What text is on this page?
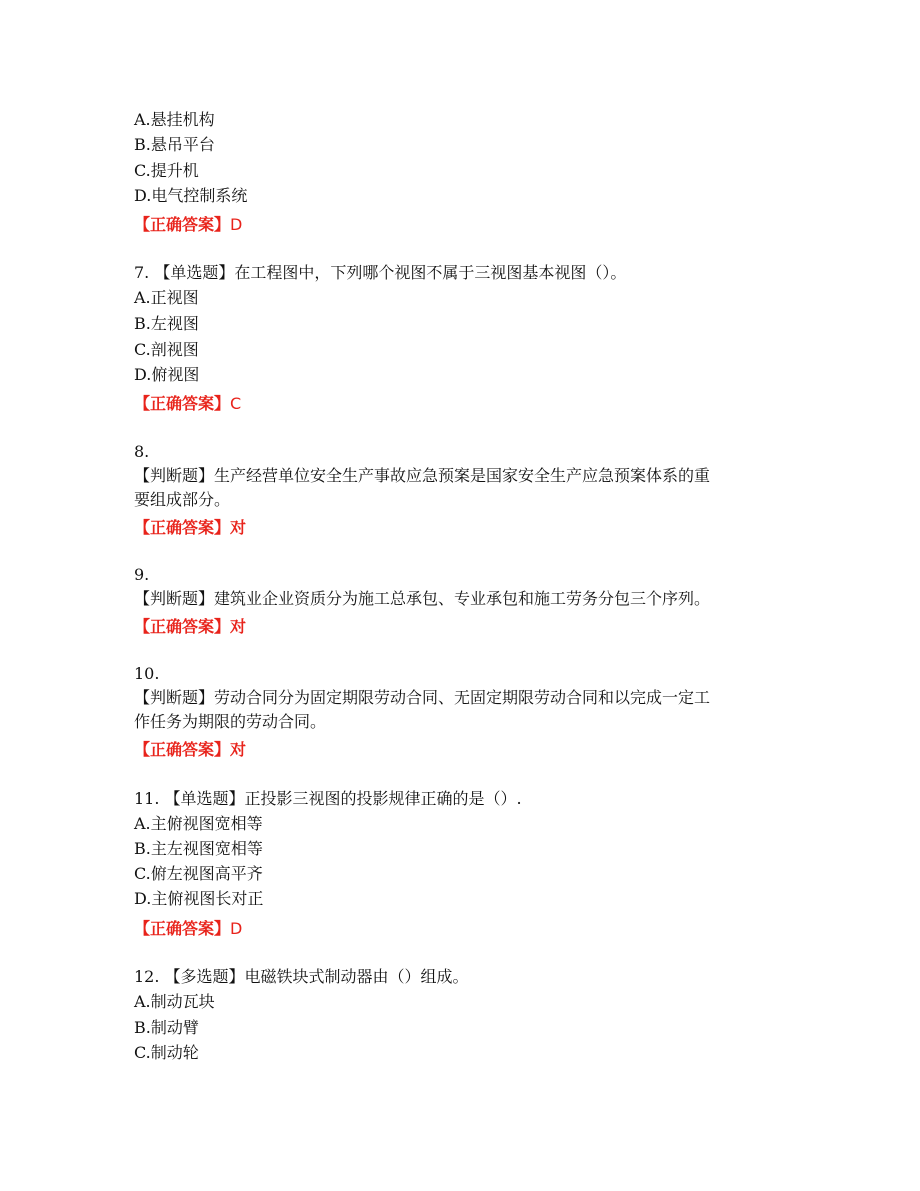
A.悬挂机构
B.悬吊平台
C.提升机
D.电气控制系统
【正确答案】D
7. 【单选题】在工程图中，下列哪个视图不属于三视图基本视图（）。
A.正视图
B.左视图
C.剖视图
D.俯视图
【正确答案】C
8.
【判断题】生产经营单位安全生产事故应急预案是国家安全生产应急预案体系的重
要组成部分。
【正确答案】对
9.
【判断题】建筑业企业资质分为施工总承包、专业承包和施工劳务分包三个序列。
【正确答案】对
10.
【判断题】劳动合同分为固定期限劳动合同、无固定期限劳动合同和以完成一定工
作任务为期限的劳动合同。
【正确答案】对
11. 【单选题】正投影三视图的投影规律正确的是（）.
A.主俯视图宽相等
B.主左视图宽相等
C.俯左视图高平齐
D.主俯视图长对正
【正确答案】D
12. 【多选题】电磁铁块式制动器由（）组成。
A.制动瓦块
B.制动臂
C.制动轮
